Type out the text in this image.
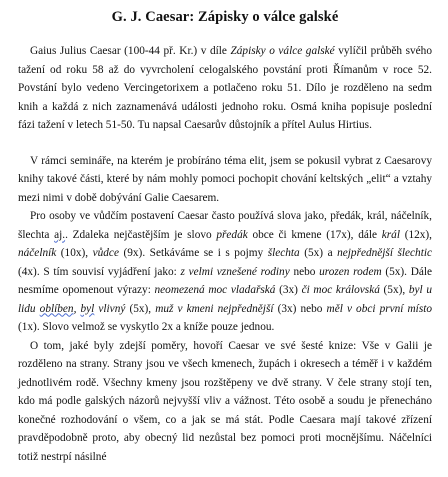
G. J. Caesar: Zápisky o válce galské

Gaius Julius Caesar (100-44 př. Kr.) v díle Zápisky o válce galské vylíčil průběh svého tažení od roku 58 až do vyvrcholení celogalského povstání proti Římanům v roce 52. Povstání bylo vedeno Vercingetorixem a potlačeno roku 51. Dílo je rozděleno na sedm knih a každá z nich zaznamenává události jednoho roku. Osmá kniha popisuje poslední fázi tažení v letech 51-50. Tu napsal Caesarův důstojník a přítel Aulus Hirtius.

V rámci semináře, na kterém je probíráno téma elit, jsem se pokusil vybrat z Caesarovy knihy takové části, které by nám mohly pomoci pochopit chování keltských „elit“ a vztahy mezi nimi v době dobývání Galie Caesarem.

Pro osoby ve vůdčím postavení Caesar často používá slova jako, předák, král, náčelník, šlechta aj.. Zdaleka nejčastějším je slovo předák obce či kmene (17x), dále král (12x), náčelník (10x), vůdce (9x). Setkáváme se i s pojmy šlechta (5x) a nejpřednější šlechtic (4x). S tím souvisí vyjádření jako: z velmi vznešené rodiny nebo urozen rodem (5x). Dále nesmíme opomenout výrazy: neomezená moc vladařská (3x) či moc královská (5x), byl u lidu oblíben, byl vlivný (5x), muž v kmeni nejpřednější (3x) nebo měl v obci první místo (1x). Slovo velmož se vyskytlo 2x a kníže pouze jednou.

O tom, jaké byly zdejší poměry, hovoří Caesar ve své šesté knize: Vše v Galii je rozděleno na strany. Strany jsou ve všech kmenech, župách i okresech a téměř i v každém jednotlivém rodě. Všechny kmeny jsou rozštěpeny ve dvě strany. V čele strany stojí ten, kdo má podle galských názorů nejvyšší vliv a vážnost. Této osobě a soudu je přenecháno konečné rozhodování o všem, co a jak se má stát. Podle Caesara mají takové zřízení pravděpodobně proto, aby obecný lid nezůstal bez pomoci proti mocnějšímu. Náčelníci totiž nestrpí násilné
